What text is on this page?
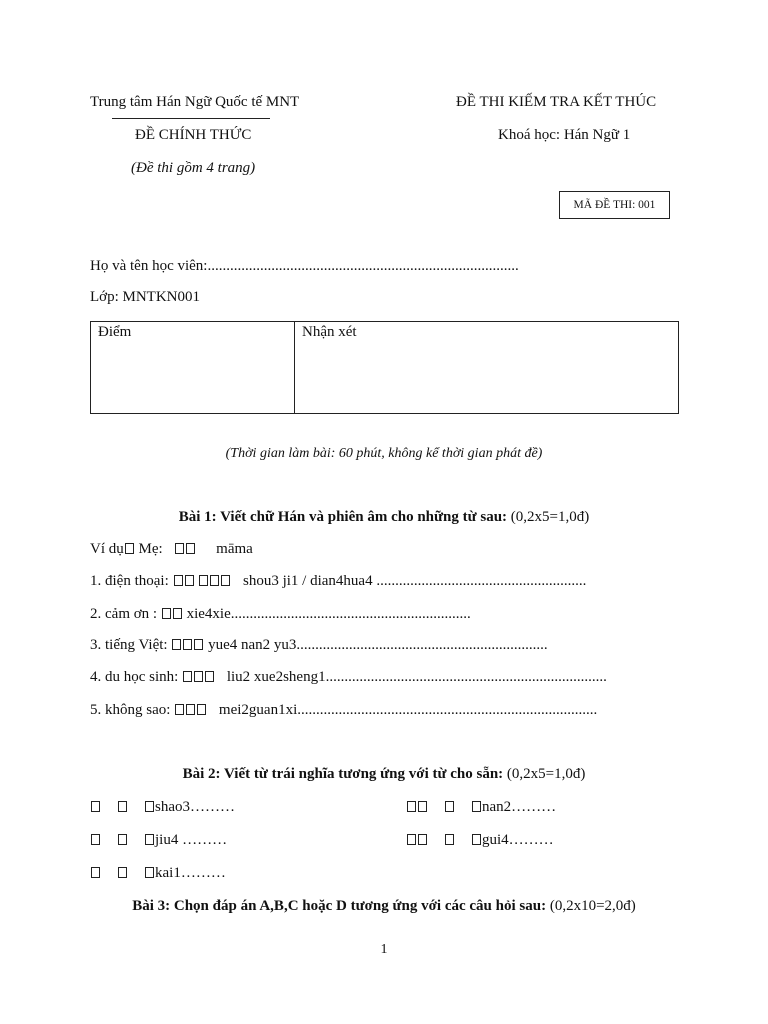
Trung tâm Hán Ngữ Quốc tế MNT	ĐỀ THI KIẾM TRA KẾT THÚC
ĐỀ CHÍNH THỨC	Khoá học: Hán Ngữ 1
(Đề thi gồm 4 trang)
MÃ ĐỀ THI: 001
Họ và tên học viên:...................................................................................
Lớp: MNTKN001
Điểm	Nhận xét
(Thời gian làm bài: 60 phút, không kể thời gian phát đề)
Bài 1: Viết chữ Hán và phiên âm cho những từ sau: (0,2x5=1,0đ)
Ví dụ Mẹ:	māma
1. điện thoại:	shou3 ji1 / dian4hua4 ........................................................
2. cảm ơn : xie4xie................................................................
3. tiếng Việt:	yue4 nan2 yu3...................................................................
4. du học sinh:	liu2 xue2sheng1...........................................................................
5. không sao:	mei2guan1xi................................................................................
Bài 2: Viết từ trái nghĩa tương ứng với từ cho sẵn: (0,2x5=1,0đ)
shao3………	nan2………
jiu4 ………	gui4………
kai1………
Bài 3: Chọn đáp án A,B,C hoặc D tương ứng với các câu hỏi sau: (0,2x10=2,0đ)
1
